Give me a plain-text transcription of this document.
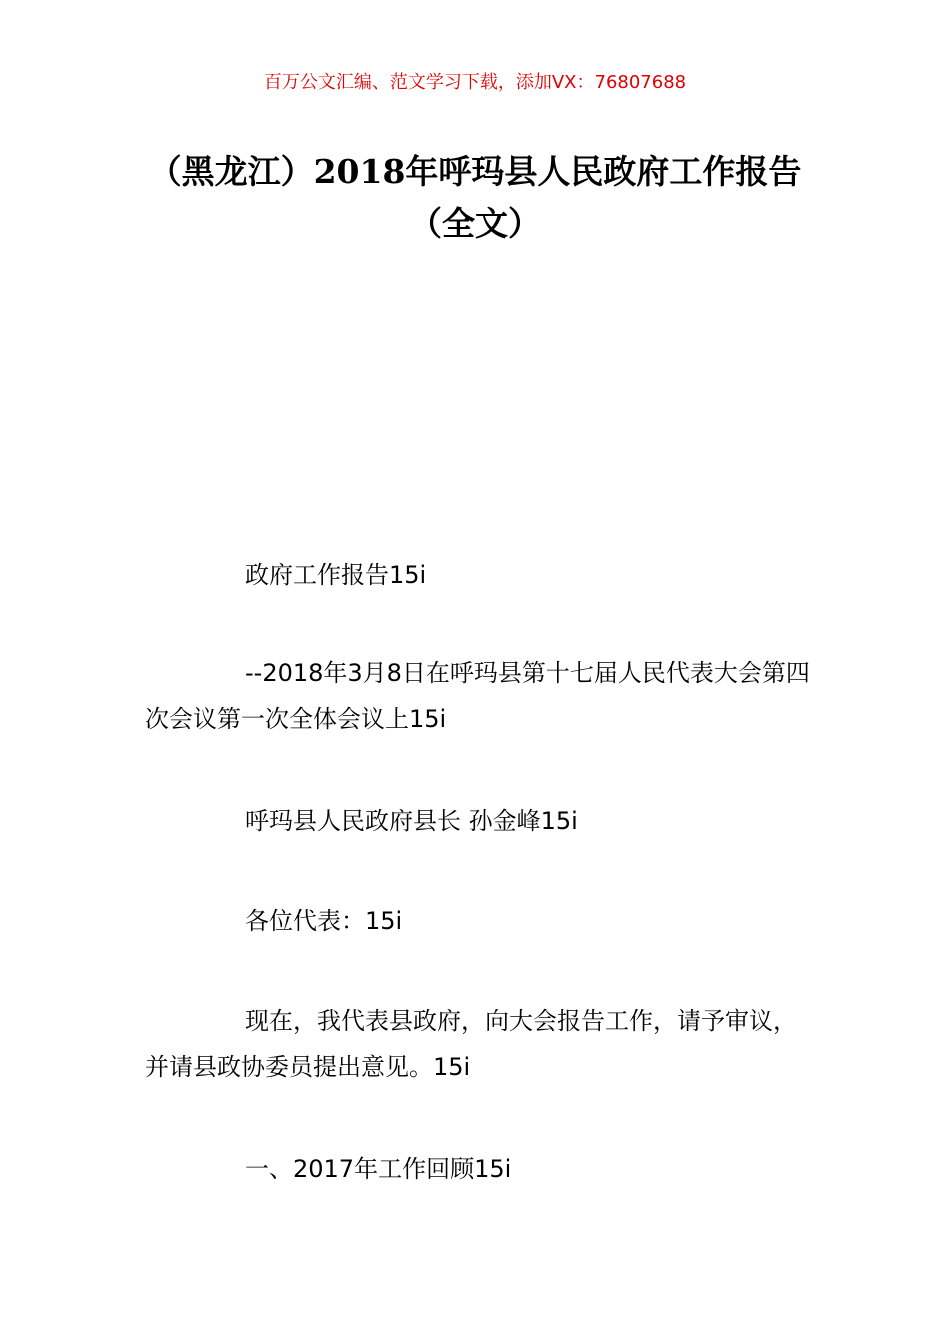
百万公文汇编、范文学习下载，添加VX：76807688
（黑龙江）2018年呼玛县人民政府工作报告（全文）
政府工作报告15i
--2018年3月8日在呼玛县第十七届人民代表大会第四次会议第一次全体会议上15i
呼玛县人民政府县长 孙金峰15i
各位代表：15i
现在，我代表县政府，向大会报告工作，请予审议，并请县政协委员提出意见。15i
一、2017年工作回顾15i
